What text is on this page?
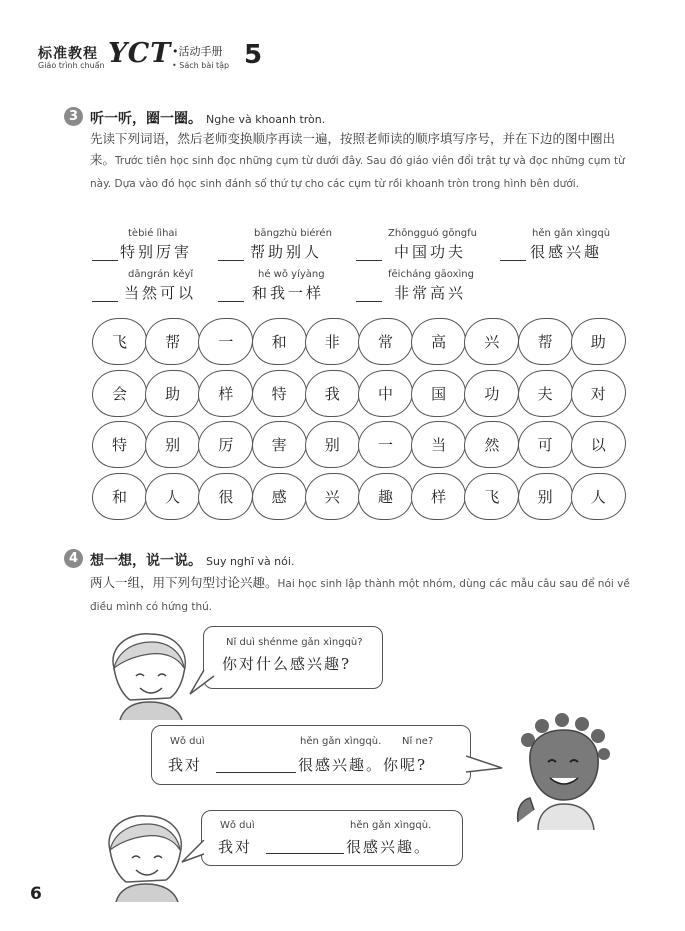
标准教程
Giáo trình chuẩn YCT •活动手册
• Sách bài tập 5
3 听一听，圈一圈。 Nghe và khoanh tròn.
先读下列词语，然后老师变换顺序再读一遍，按照老师读的顺序填写序号，并在下边的图中圈出来。Trước tiên học sinh đọc những cụm từ dưới đây. Sau đó giáo viên đổi trật tự và đọc những cụm từ này. Dựa vào đó học sinh đánh số thứ tự cho các cụm từ rồi khoanh tròn trong hình bên dưới.
tèbié lìhai
特别厉害
bāngzhù biérén
帮助别人
Zhōngguó gōngfu
中国功夫
hěn gǎn xìngqù
很感兴趣
dāngrán kěyǐ
当然可以
hé wǒ yíyàng
和我一样
fēicháng gāoxìng
非常高兴
飞	帮	一	和	非	常	高	兴	帮	助
会	助	样	特	我	中	国	功	夫	对
特	别	厉	害	别	一	当	然	可	以
和	人	很	感	兴	趣	样	飞	别	人
4 想一想，说一说。 Suy nghĩ và nói.
两人一组，用下列句型讨论兴趣。Hai học sinh lập thành một nhóm, dùng các mẫu câu sau để nói về điều mình có hứng thú.
Nǐ duì shénme gǎn xìngqù?
你对什么感兴趣?
Wǒ duì	hěn gǎn xìngqù. Nǐ ne?
我对	很感兴趣。你呢?
Wǒ duì	hěn gǎn xìngqù.
我对	很感兴趣。
6
